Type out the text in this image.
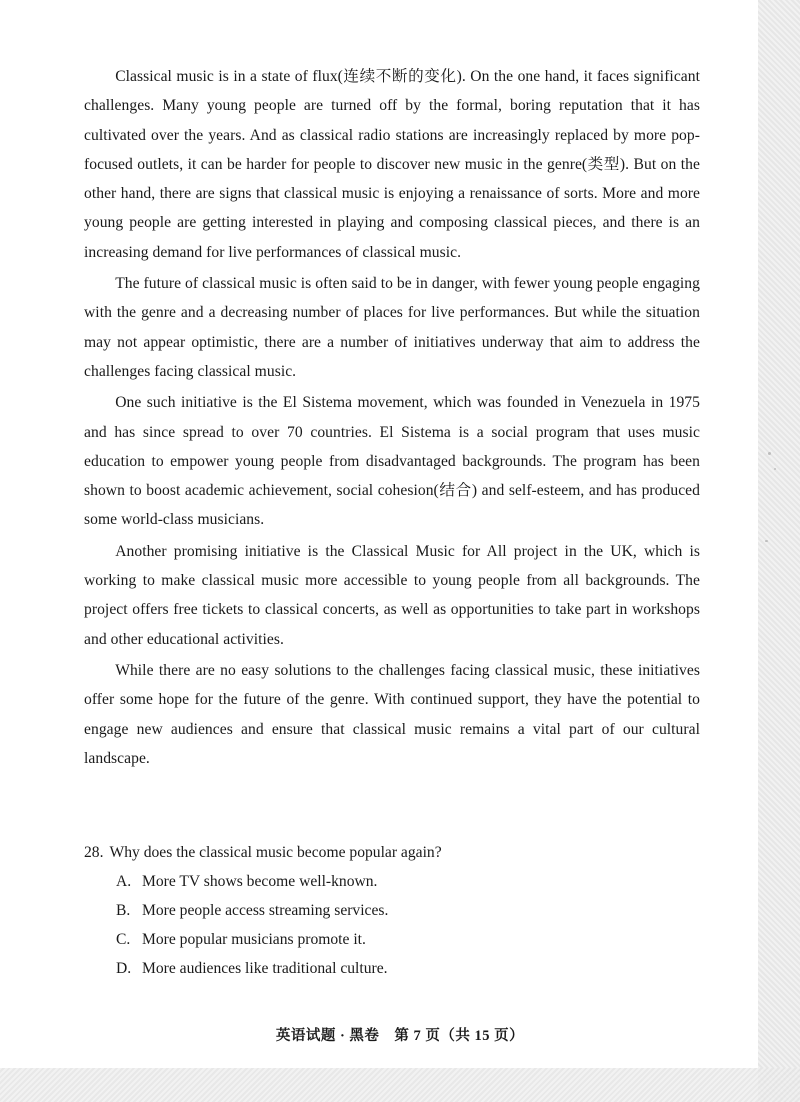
Classical music is in a state of flux(连续不断的变化). On the one hand, it faces significant challenges. Many young people are turned off by the formal, boring reputation that it has cultivated over the years. And as classical radio stations are increasingly replaced by more pop-focused outlets, it can be harder for people to discover new music in the genre(类型). But on the other hand, there are signs that classical music is enjoying a renaissance of sorts. More and more young people are getting interested in playing and composing classical pieces, and there is an increasing demand for live performances of classical music.

The future of classical music is often said to be in danger, with fewer young people engaging with the genre and a decreasing number of places for live performances. But while the situation may not appear optimistic, there are a number of initiatives underway that aim to address the challenges facing classical music.

One such initiative is the El Sistema movement, which was founded in Venezuela in 1975 and has since spread to over 70 countries. El Sistema is a social program that uses music education to empower young people from disadvantaged backgrounds. The program has been shown to boost academic achievement, social cohesion(结合) and self-esteem, and has produced some world-class musicians.

Another promising initiative is the Classical Music for All project in the UK, which is working to make classical music more accessible to young people from all backgrounds. The project offers free tickets to classical concerts, as well as opportunities to take part in workshops and other educational activities.

While there are no easy solutions to the challenges facing classical music, these initiatives offer some hope for the future of the genre. With continued support, they have the potential to engage new audiences and ensure that classical music remains a vital part of our cultural landscape.

28. Why does the classical music become popular again?

A. More TV shows become well-known.

B. More people access streaming services.

C. More popular musicians promote it.

D. More audiences like traditional culture.

英语试题 · 黑卷　第 7 页（共 15 页）
